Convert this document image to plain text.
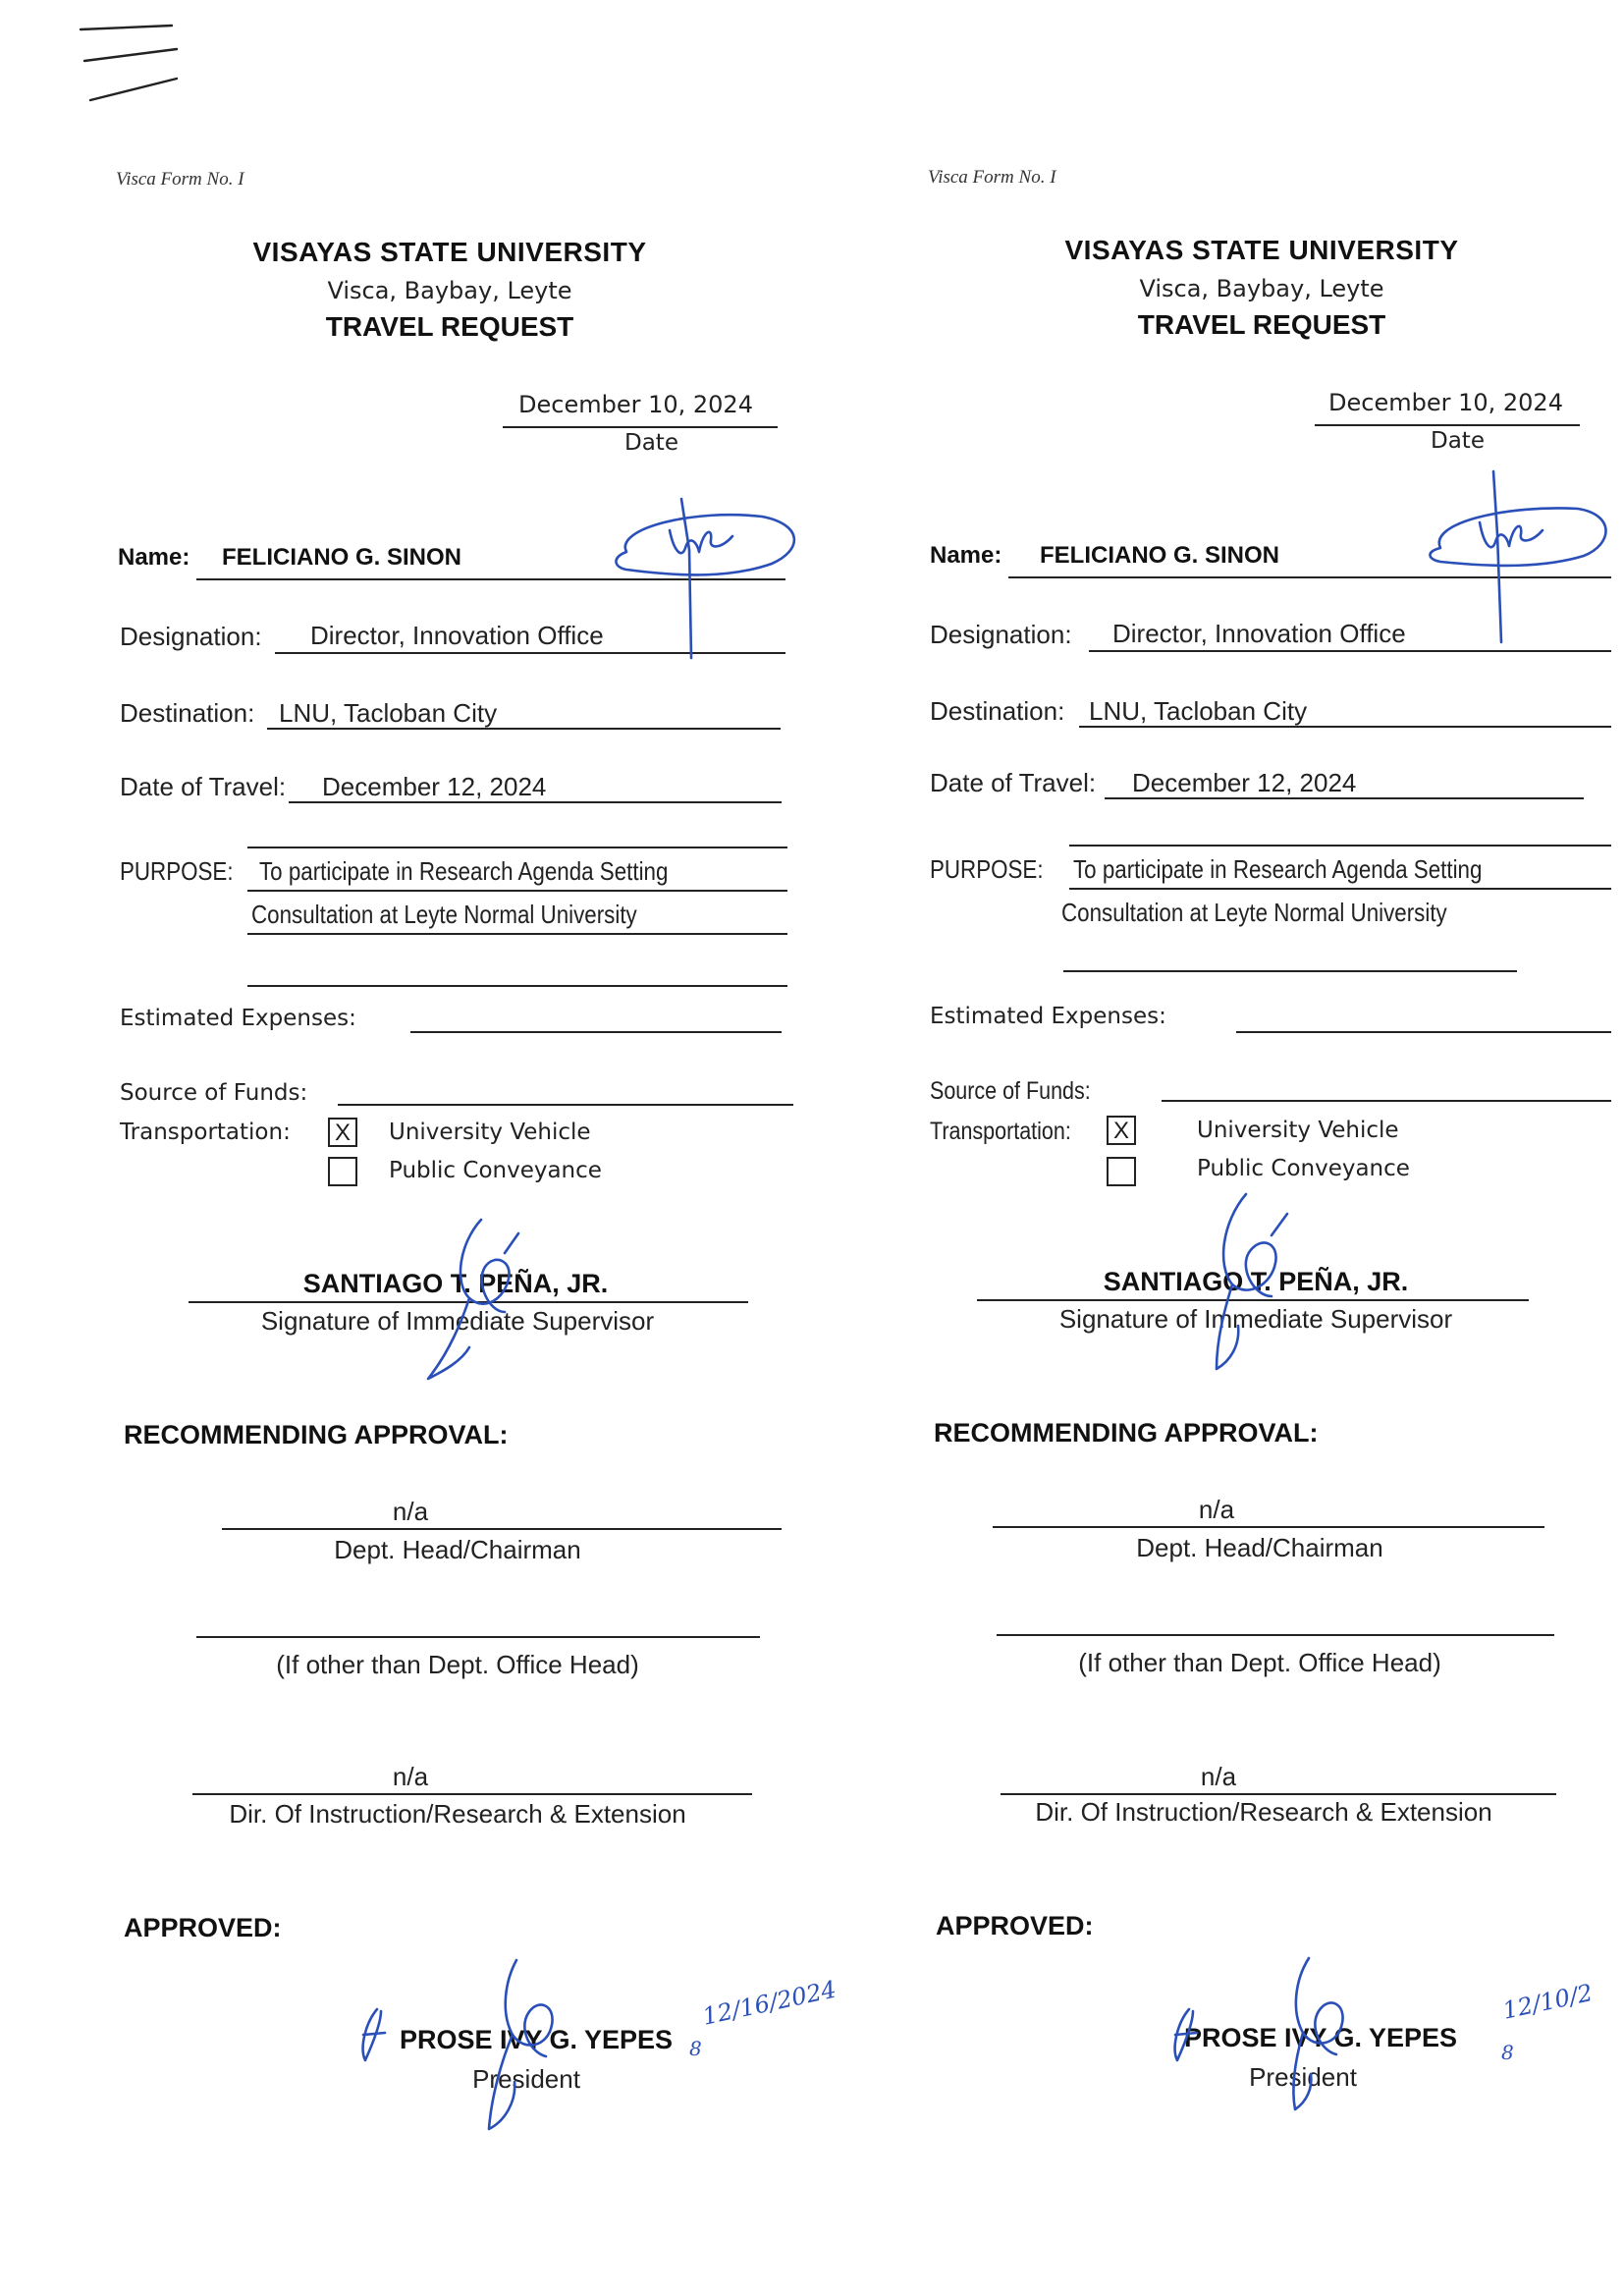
Visca Form No. I
VISAYAS STATE UNIVERSITY
Visca, Baybay, Leyte
TRAVEL REQUEST
December 10, 2024
Date
Name: FELICIANO G. SINON
Designation: Director, Innovation Office
Destination: LNU, Tacloban City
Date of Travel: December 12, 2024
PURPOSE: To participate in Research Agenda Setting
Consultation at Leyte Normal University
Estimated Expenses:
Source of Funds:
Transportation: X	University Vehicle
Public Conveyance
SANTIAGO T. PEÑA, JR.
Signature of Immediate Supervisor
RECOMMENDING APPROVAL:
n/a
Dept. Head/Chairman
(If other than Dept. Office Head)
n/a
Dir. Of Instruction/Research & Extension
APPROVED:
PROSE IVY G. YEPES
President
12/16/2024
8
Visca Form No. I
VISAYAS STATE UNIVERSITY
Visca, Baybay, Leyte
TRAVEL REQUEST
December 10, 2024
Date
Name: FELICIANO G. SINON
Designation: Director, Innovation Office
Destination: LNU, Tacloban City
Date of Travel: December 12, 2024
PURPOSE: To participate in Research Agenda Setting
Consultation at Leyte Normal University
Estimated Expenses:
Source of Funds:
Transportation: X	University Vehicle
Public Conveyance
SANTIAGO T. PEÑA, JR.
Signature of Immediate Supervisor
RECOMMENDING APPROVAL:
n/a
Dept. Head/Chairman
(If other than Dept. Office Head)
n/a
Dir. Of Instruction/Research & Extension
APPROVED:
PROSE IVY G. YEPES
President
12/10/2
8
